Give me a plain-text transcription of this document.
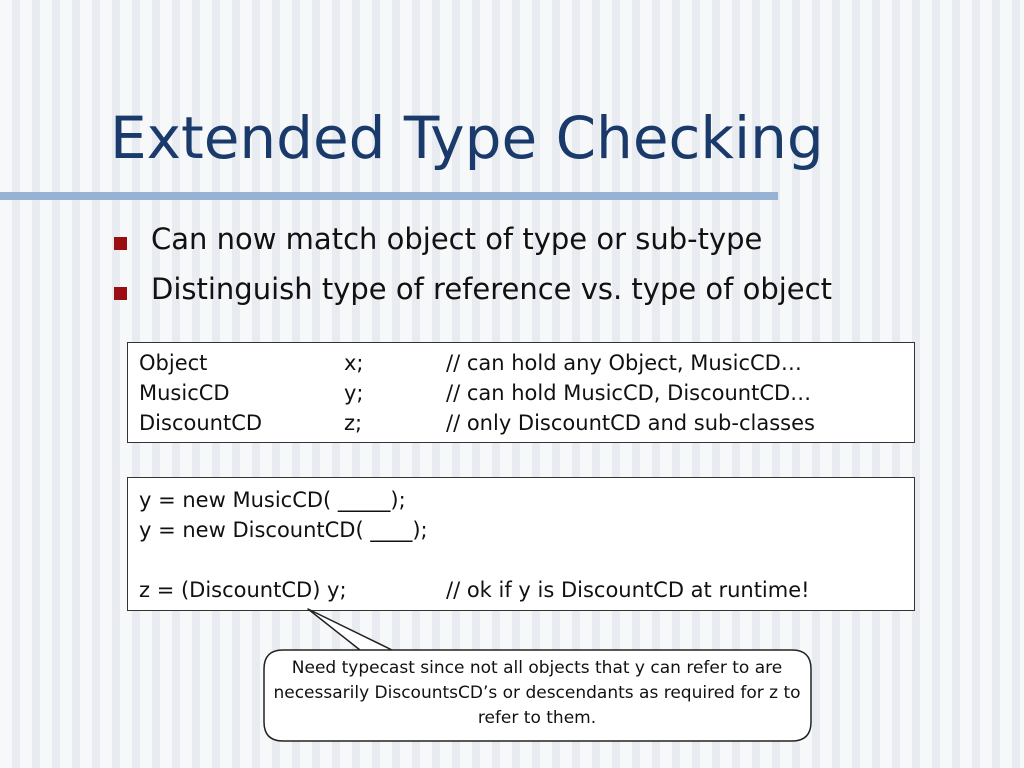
Extended Type Checking
Can now match object of type or sub-type
Distinguish type of reference vs. type of object
Object	x;	// can hold any Object, MusicCD…
MusicCD	y;	// can hold MusicCD, DiscountCD…
DiscountCD	z;	// only DiscountCD and sub-classes
y = new MusicCD( _____);
y = new DiscountCD( ____);
z = (DiscountCD) y;	// ok if y is DiscountCD at runtime!
Need typecast since not all objects that y can refer to are necessarily DiscountsCD’s or descendants as required for z to refer to them.
